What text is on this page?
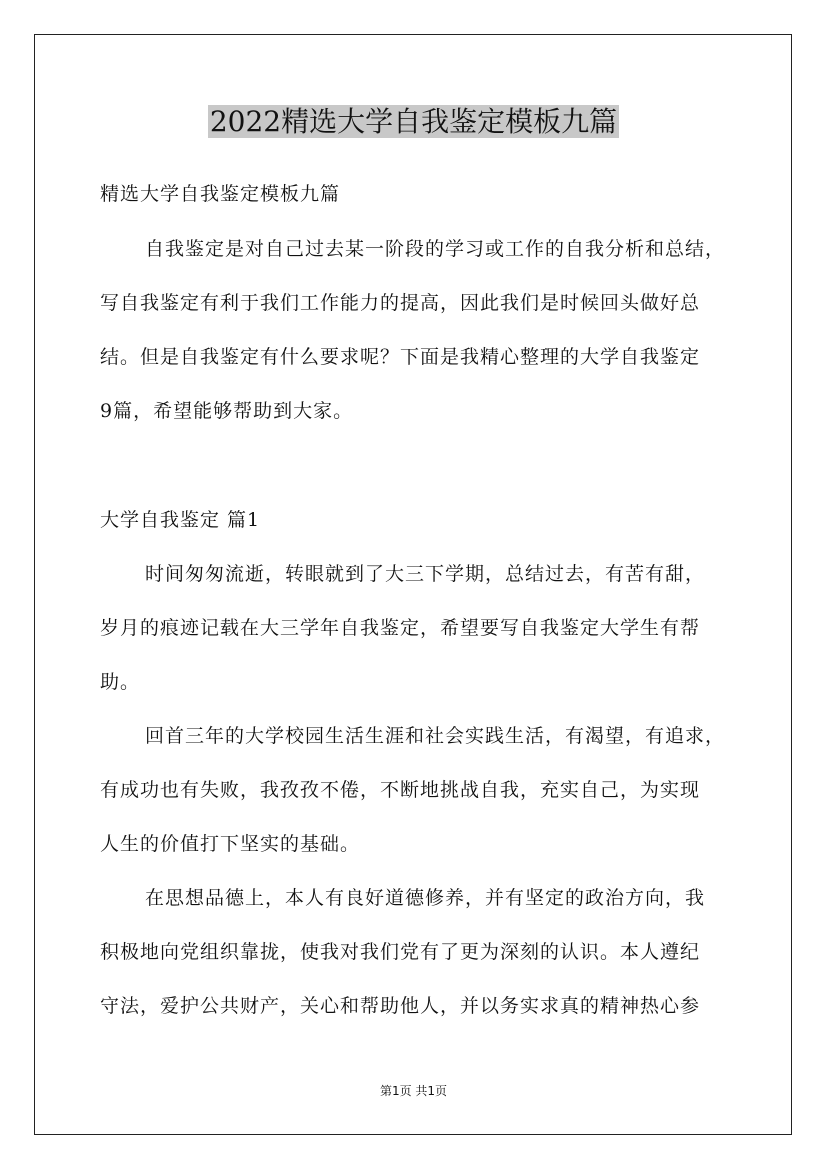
2022精选大学自我鉴定模板九篇
精选大学自我鉴定模板九篇
自我鉴定是对自己过去某一阶段的学习或工作的自我分析和总结，
写自我鉴定有利于我们工作能力的提高，因此我们是时候回头做好总
结。但是自我鉴定有什么要求呢？下面是我精心整理的大学自我鉴定
9篇，希望能够帮助到大家。
大学自我鉴定 篇1
时间匆匆流逝，转眼就到了大三下学期，总结过去，有苦有甜，
岁月的痕迹记载在大三学年自我鉴定，希望要写自我鉴定大学生有帮
助。
回首三年的大学校园生活生涯和社会实践生活，有渴望，有追求，
有成功也有失败，我孜孜不倦，不断地挑战自我，充实自己，为实现
人生的价值打下坚实的基础。
在思想品德上，本人有良好道德修养，并有坚定的政治方向，我
积极地向党组织靠拢，使我对我们党有了更为深刻的认识。本人遵纪
守法，爱护公共财产，关心和帮助他人，并以务实求真的精神热心参
第1页 共1页
